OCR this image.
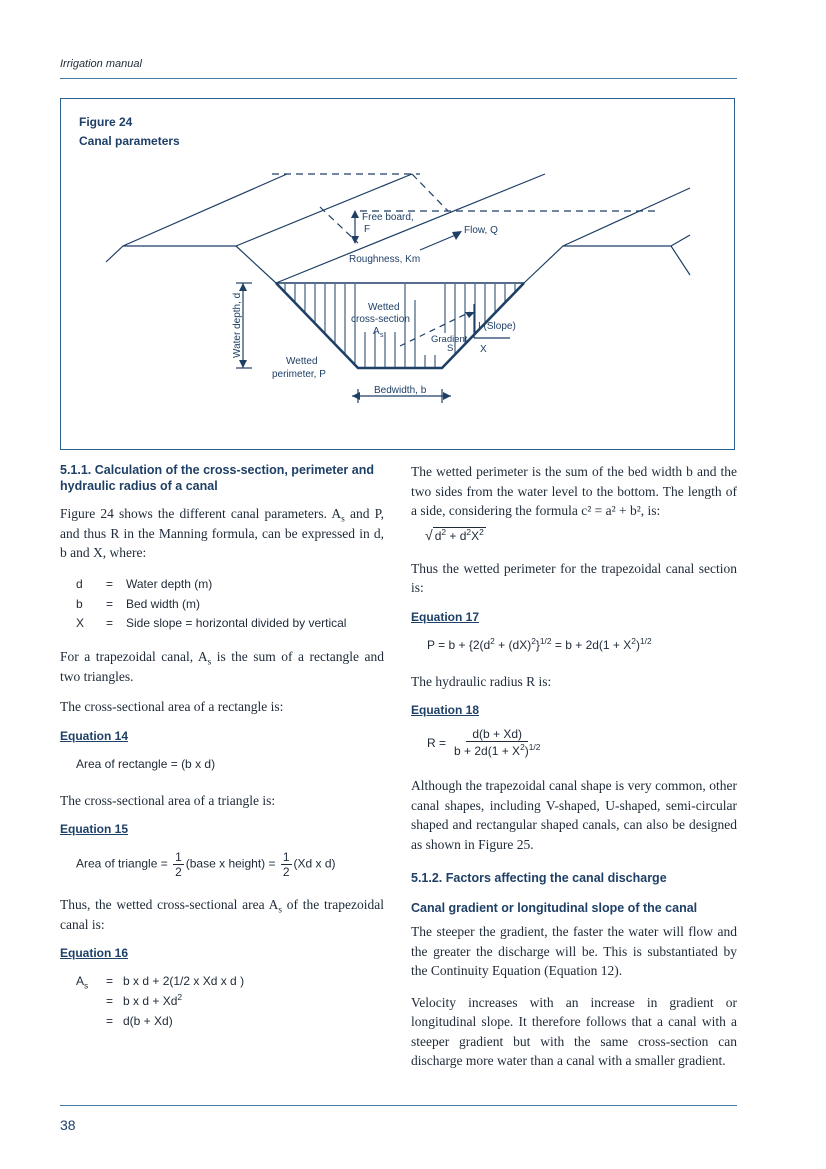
Irrigation manual
Figure 24
Canal parameters
Free board,
F	Flow, Q
Roughness, Km
Water depth, d	Wetted
cross-section
A s	Gradient
S
I (Slope)
X
Wetted
perimeter, P
Bedwidth, b
5.1.1. Calculation of the cross-section, perimeter and hydraulic radius of a canal
Figure 24 shows the different canal parameters. $A_s$ and P, and thus R in the Manning formula, can be expressed in d, b and X, where:
d	=	Water depth (m)
b	=	Bed width (m)
X	=	Side slope = horizontal divided by vertical
For a trapezoidal canal, $A_s$ is the sum of a rectangle and two triangles.
The cross-sectional area of a rectangle is:
Equation 14
Area of rectangle = (b x d)
The cross-sectional area of a triangle is:
Equation 15
Area of triangle = $\frac{1}{2}$ (base x height) = $\frac{1}{2} (Xd$ x d)
Thus, the wetted cross-sectional area $A_s$ of the trapezoidal canal is:
Equation 16
$A_s$	= b x d + 2(1/2 x Xd x d )
= b x $d + Xd^2$
= d(b + Xd)
The wetted perimeter is the sum of the bed width b and the two sides from the water level to the bottom. The length of a side, considering the formula c² = a² + b², is:
√ $d^2 + d^2X^2$
Thus the wetted perimeter for the trapezoidal canal section is:
Equation 17
$P = b + \{2(d^2 + (dX)^2\}^{1/2} = b + 2d(1 + X^2)^{1/2}$
The hydraulic radius R is:
Equation 18
$R = \frac{d(b + Xd)}{b + 2d(1 + X^2)^{1/2}}$
Although the trapezoidal canal shape is very common, other canal shapes, including V-shaped, U-shaped, semi-circular shaped and rectangular shaped canals, can also be designed as shown in Figure 25.
5.1.2. Factors affecting the canal discharge
Canal gradient or longitudinal slope of the canal
The steeper the gradient, the faster the water will flow and the greater the discharge will be. This is substantiated by the Continuity Equation (Equation 12).
Velocity increases with an increase in gradient or longitudinal slope. It therefore follows that a canal with a steeper gradient but with the same cross-section can discharge more water than a canal with a smaller gradient.
38
